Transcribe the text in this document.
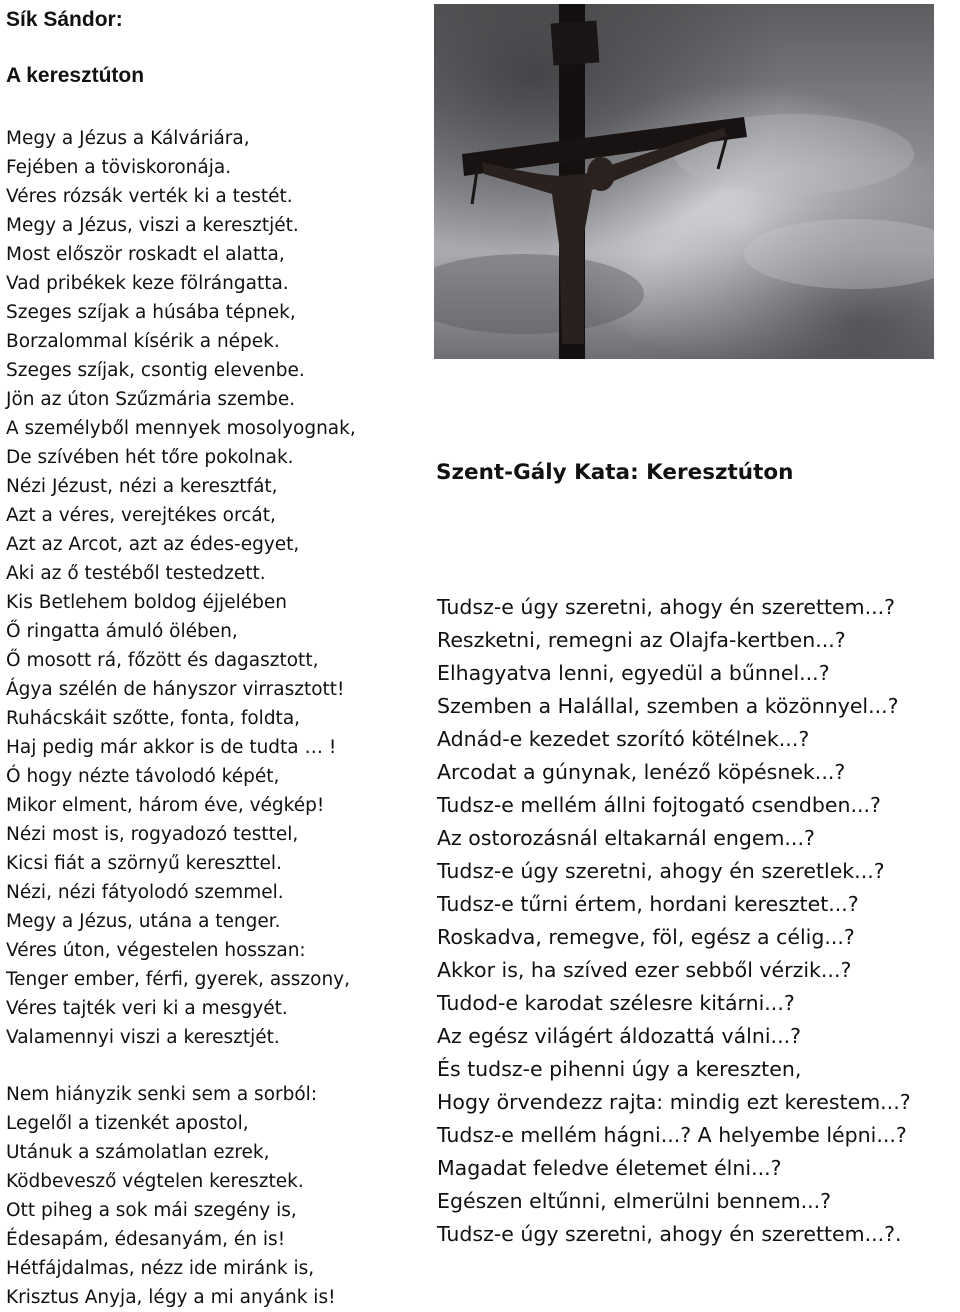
Sík Sándor:
A keresztúton
Megy a Jézus a Kálváriára,
Fejében a töviskoronája.
Véres rózsák verték ki a testét.
Megy a Jézus, viszi a keresztjét.
Most először roskadt el alatta,
Vad pribékek keze fölrángatta.
Szeges szíjak a húsába tépnek,
Borzalommal kísérik a népek.
Szeges szíjak, csontig elevenbe.
Jön az úton Szűzmária szembe.
A személyből mennyek mosolyognak,
De szívében hét tőre pokolnak.
Nézi Jézust, nézi a keresztfát,
Azt a véres, verejtékes orcát,
Azt az Arcot, azt az édes-egyet,
Aki az ő testéből testedzett.
Kis Betlehem boldog éjjelében
Ő ringatta ámuló ölében,
Ő mosott rá, főzött és dagasztott,
Ágya szélén de hányszor virrasztott!
Ruhácskáit szőtte, fonta, foldta,
Haj pedig már akkor is de tudta … !
Ó hogy nézte távolodó képét,
Mikor elment, három éve, végkép!
Nézi most is, rogyadozó testtel,
Kicsi fiát a szörnyű kereszttel.
Nézi, nézi fátyolodó szemmel.
Megy a Jézus, utána a tenger.
Véres úton, végestelen hosszan:
Tenger ember, férfi, gyerek, asszony,
Véres tajték veri ki a mesgyét.
Valamennyi viszi a keresztjét.
Nem hiányzik senki sem a sorból:
Legelől a tizenkét apostol,
Utánuk a számolatlan ezrek,
Ködbevesző végtelen keresztek.
Ott piheg a sok mái szegény is,
Édesapám, édesanyám, én is!
Hétfájdalmas, nézz ide miránk is,
Krisztus Anyja, légy a mi anyánk is!
Szent-Gály Kata: Keresztúton
Tudsz-e úgy szeretni, ahogy én szerettem...?
Reszketni, remegni az Olajfa-kertben...?
Elhagyatva lenni, egyedül a bűnnel...?
Szemben a Halállal, szemben a közönnyel...?
Adnád-e kezedet szorító kötélnek...?
Arcodat a gúnynak, lenéző köpésnek...?
Tudsz-e mellém állni fojtogató csendben...?
Az ostorozásnál eltakarnál engem...?
Tudsz-e úgy szeretni, ahogy én szeretlek...?
Tudsz-e tűrni értem, hordani keresztet...?
Roskadva, remegve, föl, egész a célig...?
Akkor is, ha szíved ezer sebből vérzik...?
Tudod-e karodat szélesre kitárni...?
Az egész világért áldozattá válni...?
És tudsz-e pihenni úgy a kereszten,
Hogy örvendezz rajta: mindig ezt kerestem...?
Tudsz-e mellém hágni...? A helyembe lépni...?
Magadat feledve életemet élni...?
Egészen eltűnni, elmerülni bennem...?
Tudsz-e úgy szeretni, ahogy én szerettem...?.
